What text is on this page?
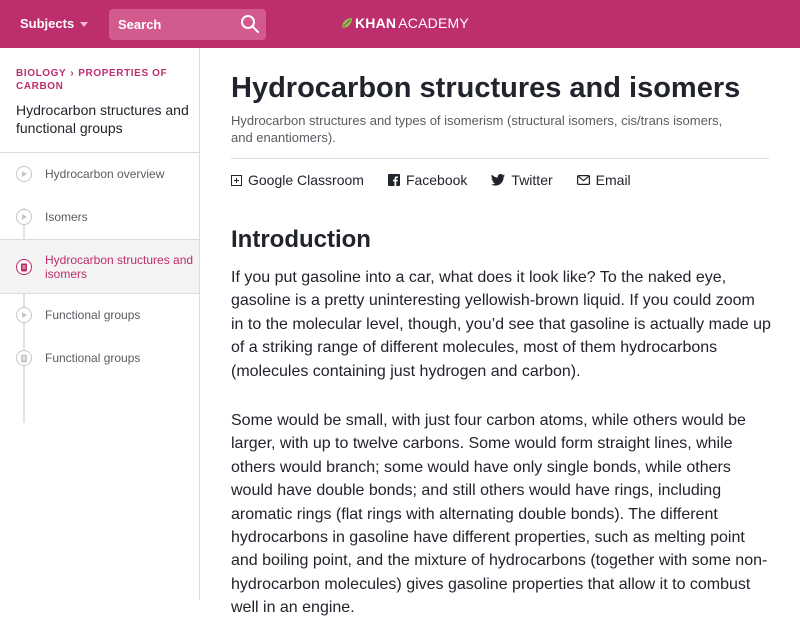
Subjects	Search	KHAN ACADEMY
BIOLOGY › PROPERTIES OF CARBON
Hydrocarbon structures and functional groups
Hydrocarbon overview
Isomers
Hydrocarbon structures and isomers
Functional groups
Functional groups
Hydrocarbon structures and isomers
Hydrocarbon structures and types of isomerism (structural isomers, cis/trans isomers, and enantiomers).
Google Classroom	Facebook	Twitter	Email
Introduction

If you put gasoline into a car, what does it look like? To the naked eye, gasoline is a pretty uninteresting yellowish-brown liquid. If you could zoom in to the molecular level, though, you’d see that gasoline is actually made up of a striking range of different molecules, most of them hydrocarbons (molecules containing just hydrogen and carbon).

Some would be small, with just four carbon atoms, while others would be larger, with up to twelve carbons. Some would form straight lines, while others would branch; some would have only single bonds, while others would have double bonds; and still others would have rings, including aromatic rings (flat rings with alternating double bonds). The different hydrocarbons in gasoline have different properties, such as melting point and boiling point, and the mixture of hydrocarbons (together with some non-hydrocarbon molecules) gives gasoline properties that allow it to combust well in an engine.
